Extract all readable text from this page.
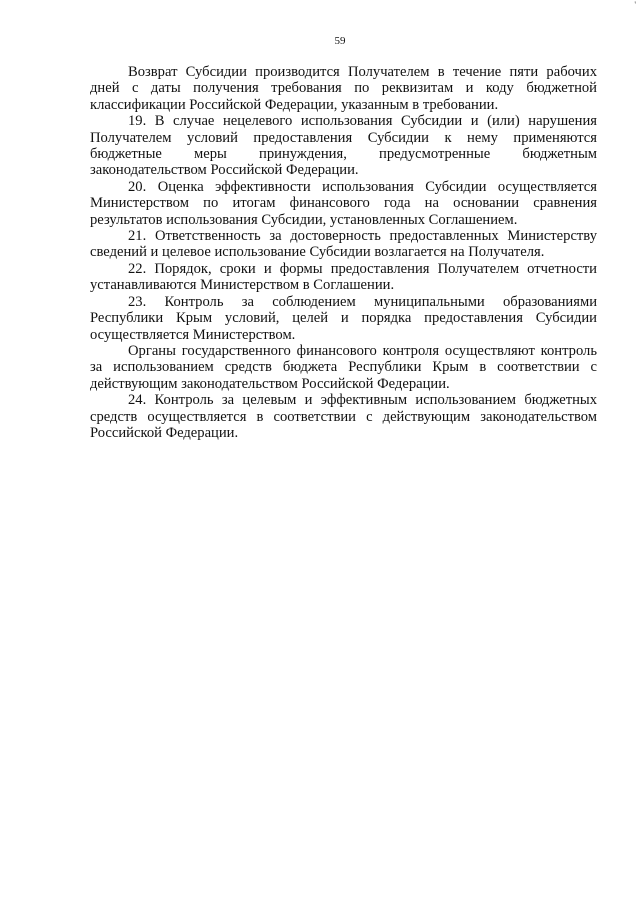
'
59

Возврат Субсидии производится Получателем в течение пяти рабочих дней с даты получения требования по реквизитам и коду бюджетной классификации Российской Федерации, указанным в требовании.

19. В случае нецелевого использования Субсидии и (или) нарушения Получателем условий предоставления Субсидии к нему применяются бюджетные меры принуждения, предусмотренные бюджетным законодательством Российской Федерации.

20. Оценка эффективности использования Субсидии осуществляется Министерством по итогам финансового года на основании сравнения результатов использования Субсидии, установленных Соглашением.

21. Ответственность за достоверность предоставленных Министерству сведений и целевое использование Субсидии возлагается на Получателя.

22. Порядок, сроки и формы предоставления Получателем отчетности устанавливаются Министерством в Соглашении.

23. Контроль за соблюдением муниципальными образованиями Республики Крым условий, целей и порядка предоставления Субсидии осуществляется Министерством.

Органы государственного финансового контроля осуществляют контроль за использованием средств бюджета Республики Крым в соответствии с действующим законодательством Российской Федерации.

24. Контроль за целевым и эффективным использованием бюджетных средств осуществляется в соответствии с действующим законодательством Российской Федерации.
